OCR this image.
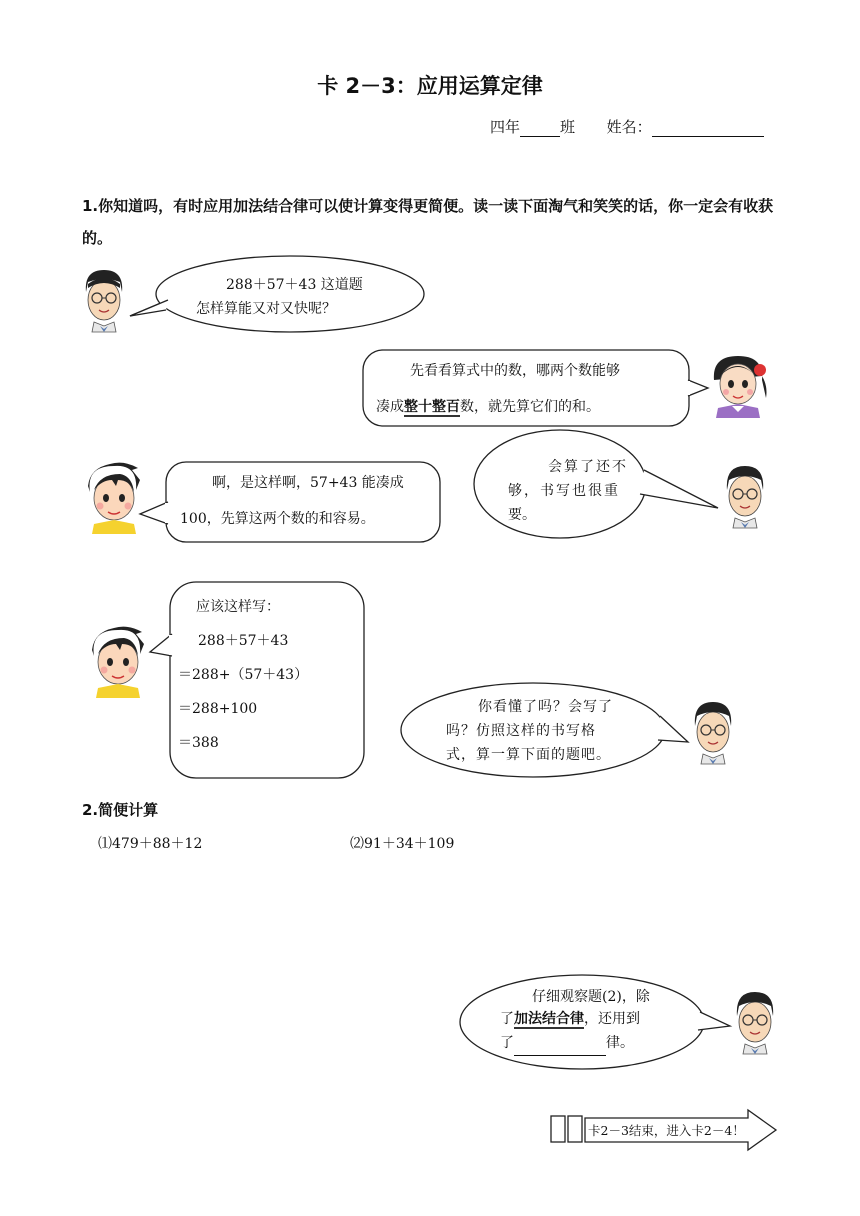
卡 2－3：应用运算定律
四年	班 姓名：
1.你知道吗，有时应用加法结合律可以使计算变得更简便。读一读下面淘气和笑笑的话，你一定会有收获的。
288＋57＋43 这道题
怎样算能又对又快呢？
先看看算式中的数，哪两个数能够
凑成整十整百数，就先算它们的和。
啊，是这样啊，57+43 能凑成
100，先算这两个数的和容易。
会算了还不
够，书写也很重
要。
应该这样写：
288＋57＋43
＝288+（57＋43）
＝288+100
＝388
你看懂了吗？会写了
吗？仿照这样的书写格
式，算一算下面的题吧。
仔细观察题(2)，除
了加法结合律，还用到
了	律。
2.简便计算
⑴479＋88＋12	⑵91＋34＋109
卡2－3结束，进入卡2－4！
